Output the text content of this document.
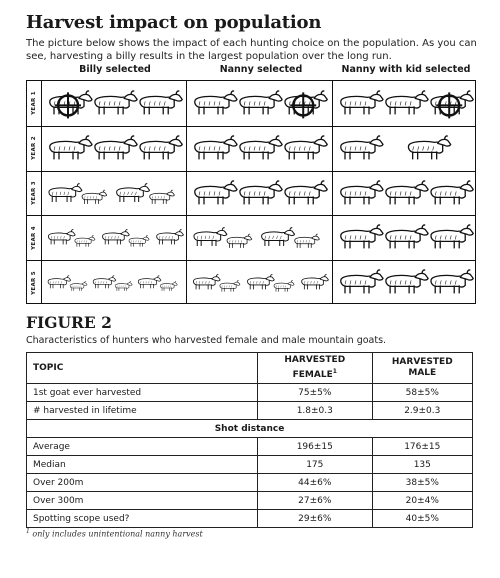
Harvest impact on population
The picture below shows the impact of each hunting choice on the population. As you can see, harvesting a billy results in the largest population over the long run.
Billy selected	Nanny selected	Nanny with kid selected
YEAR 1
YEAR 2
YEAR 3
YEAR 4
YEAR 5
FIGURE 2
Characteristics of hunters who harvested female and male mountain goats.
TOPIC	HARVESTED FEMALE$^1$	HARVESTED MALE
1st goat ever harvested	75±5%	58±5%
# harvested in lifetime	1.8±0.3	2.9±0.3
Shot distance		
Average	196±15	176±15
Median	175	135
Over 200m	44±6%	38±5%
Over 300m	27±6%	20±4%
Spotting scope used?	29±6%	40±5%
$^1$ only includes unintentional nanny harvest
